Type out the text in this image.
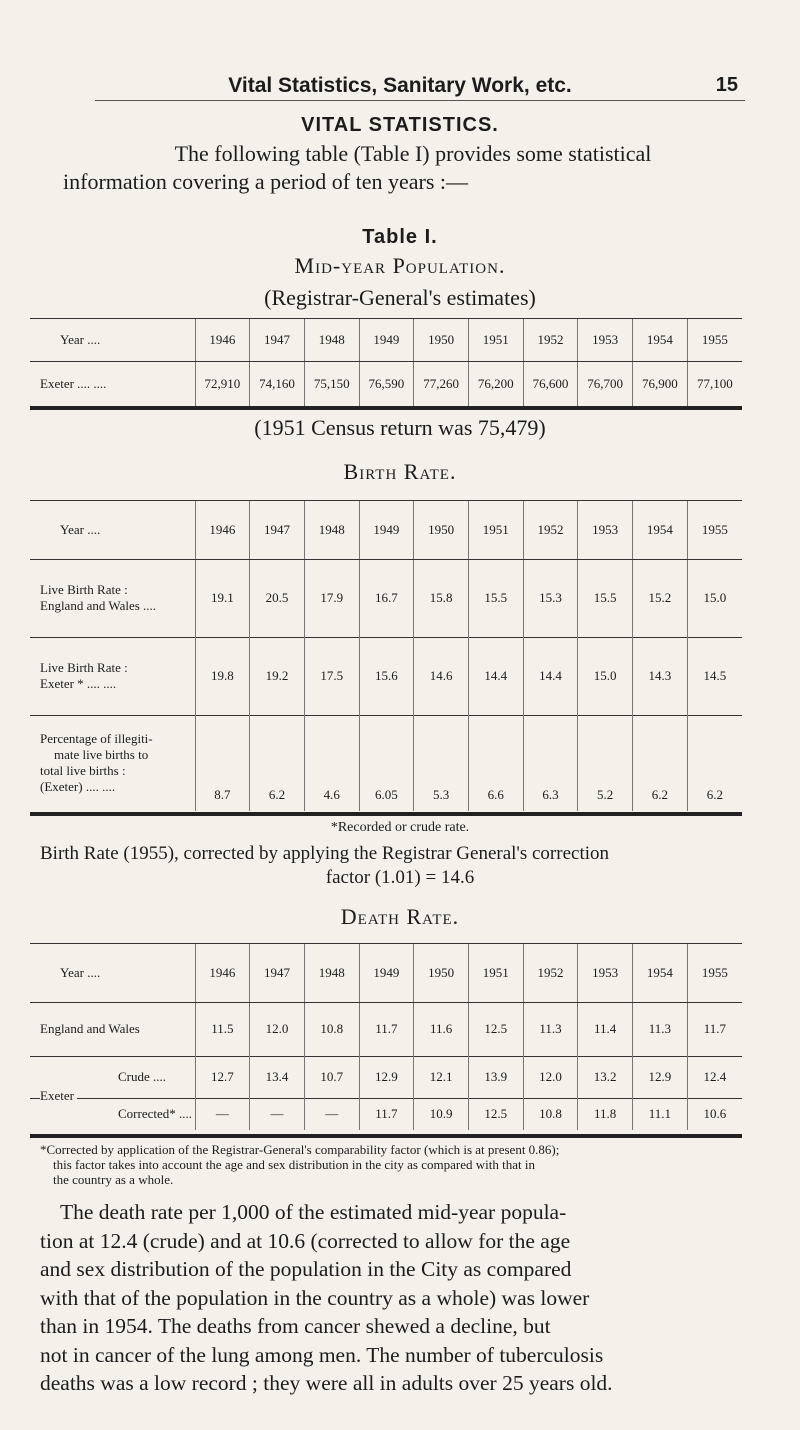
Vital Statistics, Sanitary Work, etc.	15
VITAL STATISTICS.
The following table (Table I) provides some statistical
information covering a period of ten years :—
Table I.
Mid-year Population.
(Registrar-General's estimates)
Year ....	1946	1947	1948	1949	1950	1951	1952	1953	1954	1955
Exeter .... ....	72,910	74,160	75,150	76,590	77,260	76,200	76,600	76,700	76,900	77,100
(1951 Census return was 75,479)
Birth Rate.
Year ....	1946	1947	1948	1949	1950	1951	1952	1953	1954	1955

Live Birth Rate :
England and Wales ....	19.1	20.5	17.9	16.7	15.8	15.5	15.3	15.5	15.2	15.0

Live Birth Rate :
Exeter * .... ....	19.8	19.2	17.5	15.6	14.6	14.4	14.4	15.0	14.3	14.5

Percentage of illegiti-
mate live births to
total live births :
(Exeter) .... ....	8.7	6.2	4.6	6.05	5.3	6.6	6.3	5.2	6.2	6.2
*Recorded or crude rate.
Birth Rate (1955), corrected by applying the Registrar General's correction
factor (1.01) = 14.6
Death Rate.
Year ....	1946	1947	1948	1949	1950	1951	1952	1953	1954	1955
England and Wales	11.5	12.0	10.8	11.7	11.6	12.5	11.3	11.4	11.3	11.7
Crude ....	12.7	13.4	10.7	12.9	12.1	13.9	12.0	13.2	12.9	12.4
Corrected* ....	—	—	—	11.7	10.9	12.5	10.8	11.8	11.1	10.6
Exeter
*Corrected by application of the Registrar-General's comparability factor (which is at present 0.86);
this factor takes into account the age and sex distribution in the city as compared with that in
the country as a whole.
The death rate per 1,000 of the estimated mid-year popula-
tion at 12.4 (crude) and at 10.6 (corrected to allow for the age
and sex distribution of the population in the City as compared
with that of the population in the country as a whole) was lower
than in 1954. The deaths from cancer shewed a decline, but
not in cancer of the lung among men. The number of tuberculosis
deaths was a low record ; they were all in adults over 25 years old.
